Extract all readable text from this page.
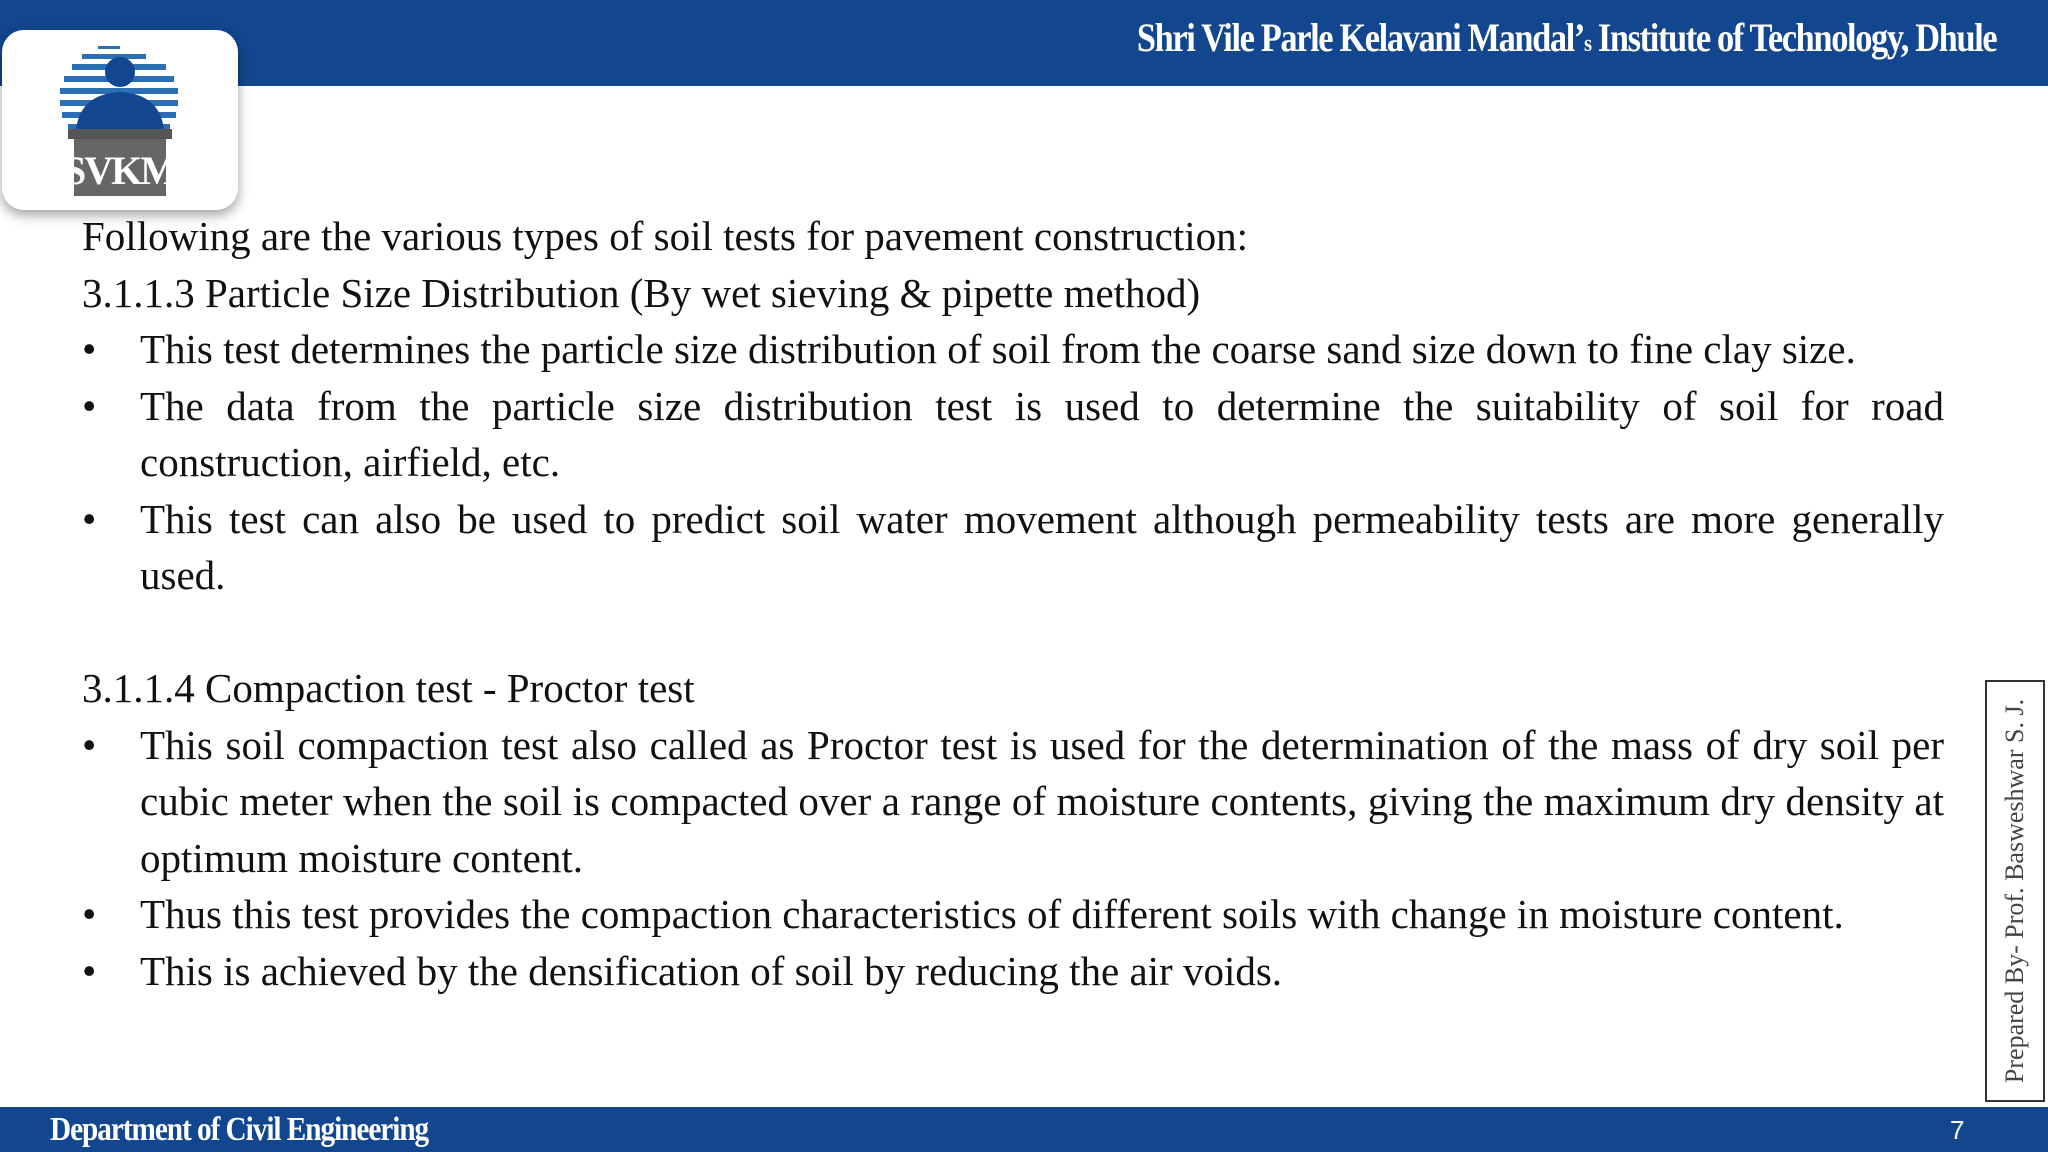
Shri Vile Parle Kelavani Mandal’s Institute of Technology, Dhule
SVKM
Following are the various types of soil tests for pavement construction:
3.1.1.3 Particle Size Distribution (By wet sieving & pipette method)
• This test determines the particle size distribution of soil from the coarse sand size down to fine clay size.
• The data from the particle size distribution test is used to determine the suitability of soil for road construction, airfield, etc.
• This test can also be used to predict soil water movement although permeability tests are more generally used.
3.1.1.4 Compaction test - Proctor test
• This soil compaction test also called as Proctor test is used for the determination of the mass of dry soil per cubic meter when the soil is compacted over a range of moisture contents, giving the maximum dry density at optimum moisture content.
• Thus this test provides the compaction characteristics of different soils with change in moisture content.
• This is achieved by the densification of soil by reducing the air voids.	Prepared By- Prof. Basweshwar S. J.
Department of Civil Engineering	7
